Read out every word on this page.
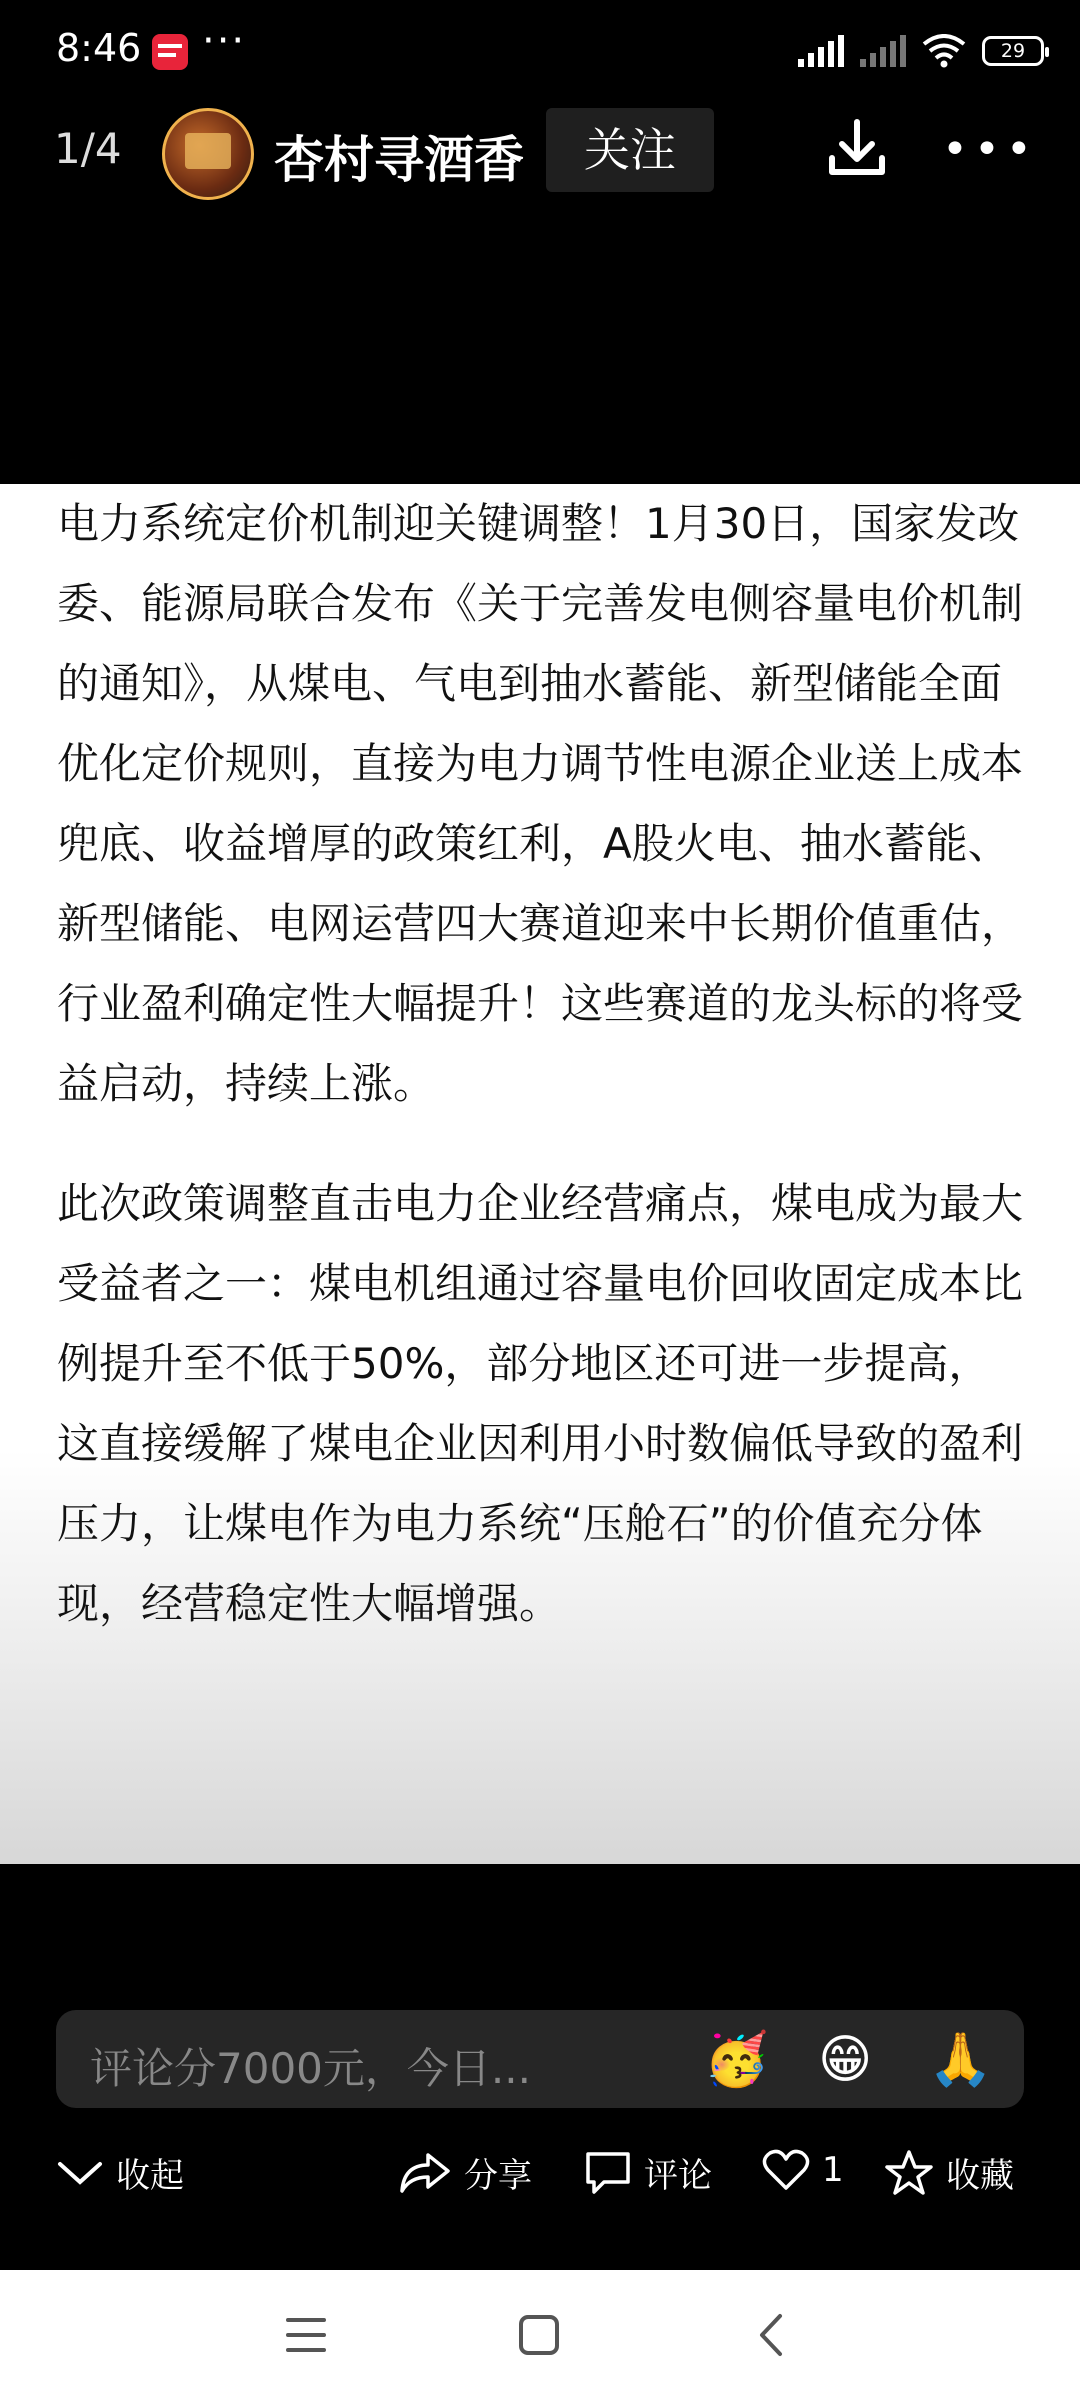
8:46 ···	29
1/4	杏村寻酒香	关注	•••

电力系统定价机制迎关键调整！1月30日，国家发改委、能源局联合发布《关于完善发电侧容量电价机制的通知》，从煤电、气电到抽水蓄能、新型储能全面优化定价规则，直接为电力调节性电源企业送上成本兜底、收益增厚的政策红利，A股火电、抽水蓄能、新型储能、电网运营四大赛道迎来中长期价值重估，行业盈利确定性大幅提升！这些赛道的龙头标的将受益启动，持续上涨。

此次政策调整直击电力企业经营痛点，煤电成为最大受益者之一：煤电机组通过容量电价回收固定成本比例提升至不低于50%，部分地区还可进一步提高，这直接缓解了煤电企业因利用小时数偏低导致的盈利压力，让煤电作为电力系统“压舱石”的价值充分体现，经营稳定性大幅增强。

评论分7000元，今日...	🥳 😁 🙏
收起	分享	评论	1	收藏
